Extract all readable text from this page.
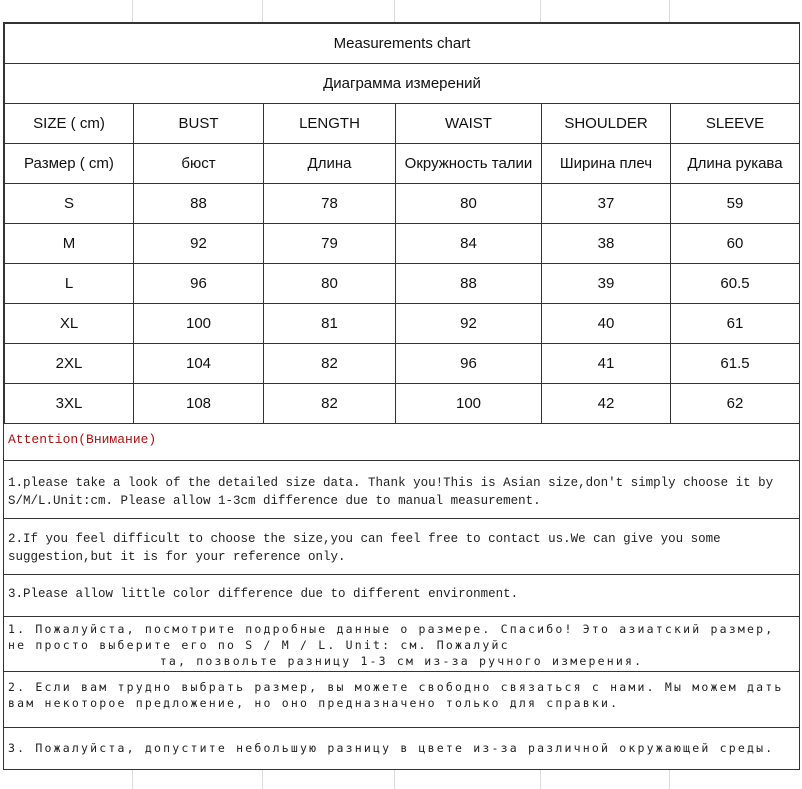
Measurements chart					
Диаграмма измерений					
SIZE ( cm)	BUST	LENGTH	WAIST	SHOULDER	SLEEVE
Размер ( cm)	бюст	Длина	Окружность талии	Ширина плеч	Длина рукава
S	88	78	80	37	59
M	92	79	84	38	60
L	96	80	88	39	60.5
XL	100	81	92	40	61
2XL	104	82	96	41	61.5
3XL	108	82	100	42	62
Attention(Внимание)
1.please take a look of the detailed size data. Thank you!This is Asian size,don't simply choose it by S/M/L.Unit:cm. Please allow 1-3cm difference due to manual measurement.
2.If you feel difficult to choose the size,you can feel free to contact us.We can give you some suggestion,but it is for your reference only.
3.Please allow little color difference due to different environment.
1. Пожалуйста, посмотрите подробные данные о размере. Спасибо! Это азиатский размер, не просто выберите его по S / M / L. Unit: см. Пожалуйс
та, позвольте разницу 1-3 см из-за ручного измерения.
2. Если вам трудно выбрать размер, вы можете свободно связаться с нами. Мы можем дать вам некоторое предложение, но оно предназначено только для справки.
3. Пожалуйста, допустите небольшую разницу в цвете из-за различной окружающей среды.
